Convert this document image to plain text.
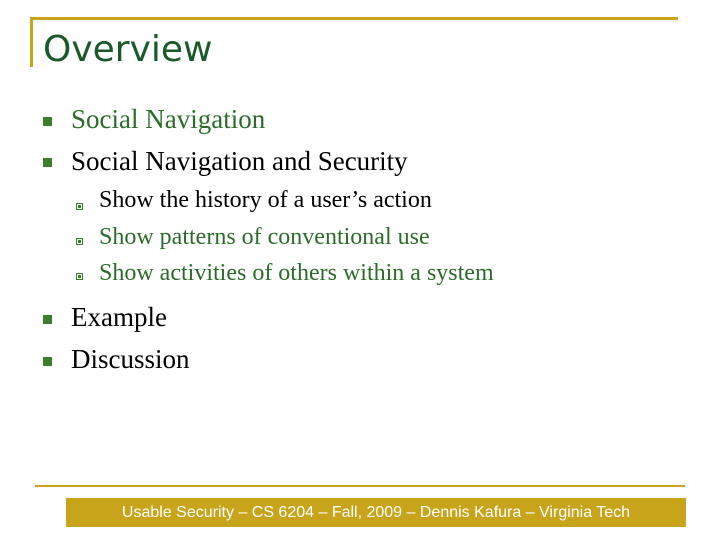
Overview
Social Navigation
Social Navigation and Security
Show the history of a user’s action
Show patterns of conventional use
Show activities of others within a system
Example
Discussion
Usable Security – CS 6204 – Fall, 2009 – Dennis Kafura – Virginia Tech
